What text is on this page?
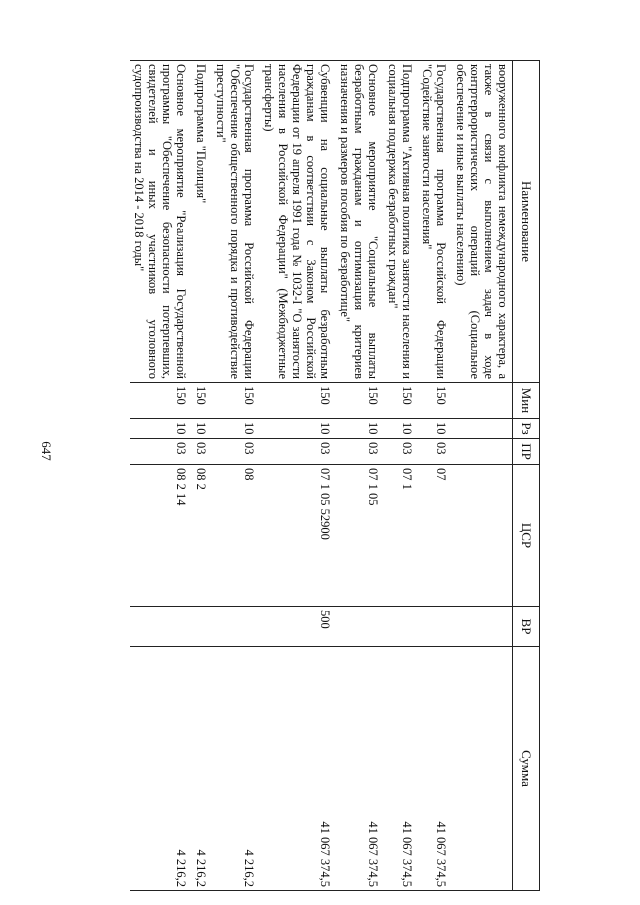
647
Наименование	Мин	Рз	ПР	ЦСР	ВР	Сумма
вооруженного конфликта немеждународного характера, а также в связи с выполнением задач в ходе контртеррористических операций (Социальное обеспечение и иные выплаты населению)						
Государственная программа Российской Федерации "Содействие занятости населения"	150	10	03	07		41 067 374,5
Подпрограмма "Активная политика занятости населения и социальная поддержка безработных граждан"	150	10	03	07 1		41 067 374,5
Основное мероприятие "Социальные выплаты безработным гражданам и оптимизация критериев назначения и размеров пособия по безработице"	150	10	03	07 1 05		41 067 374,5
Субвенции на социальные выплаты безработным гражданам в соответствии с Законом Российской Федерации от 19 апреля 1991 года № 1032-I "О занятости населения в Российской Федерации" (Межбюджетные трансферты)	150	10	03	07 1 05 52900	500	41 067 374,5
Государственная программа Российской Федерации "Обеспечение общественного порядка и противодействие преступности"	150	10	03	08		4 216,2
Подпрограмма "Полиция"	150	10	03	08 2		4 216,2
Основное мероприятие "Реализация Государственной программы "Обеспечение безопасности потерпевших, свидетелей и иных участников уголовного судопроизводства на 2014 - 2018 годы"	150	10	03	08 2 14		4 216,2
